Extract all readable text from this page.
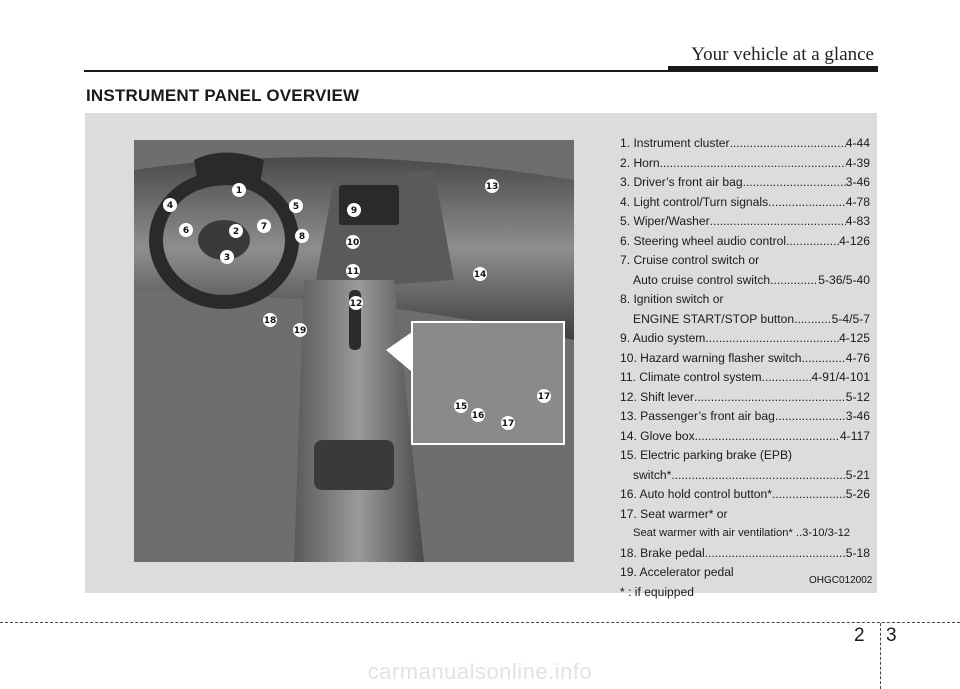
Your vehicle at a glance
INSTRUMENT PANEL OVERVIEW
1
2
3
4	5
6	7
8
9
10
11
12
13
14
15
16
17
17
18
19
1. Instrument cluster .....	4-44
2. Horn .....	4-39
3. Driver’s front air bag .....	3-46
4. Light control/Turn signals .....	4-78
5. Wiper/Washer .....	4-83
6. Steering wheel audio control .....	4-126
7. Cruise control switch or
Auto cruise control switch .....	5-36/5-40
8. Ignition switch or
ENGINE START/STOP button .....	5-4/5-7
9. Audio system .....	4-125
10. Hazard warning flasher switch .....	4-76
11. Climate control system .....	4-91/4-101
12. Shift lever .....	5-12
13. Passenger’s front air bag .....	3-46
14. Glove box .....	4-117
15. Electric parking brake (EPB)
switch* .....	5-21
16. Auto hold control button* .....	5-26
17. Seat warmer* or
Seat warmer with air ventilation* .. 3-10/3-12
18. Brake pedal .....	5-18
19. Accelerator pedal
* : if equipped
OHGC012002
2 3
carmanualsonline.info
